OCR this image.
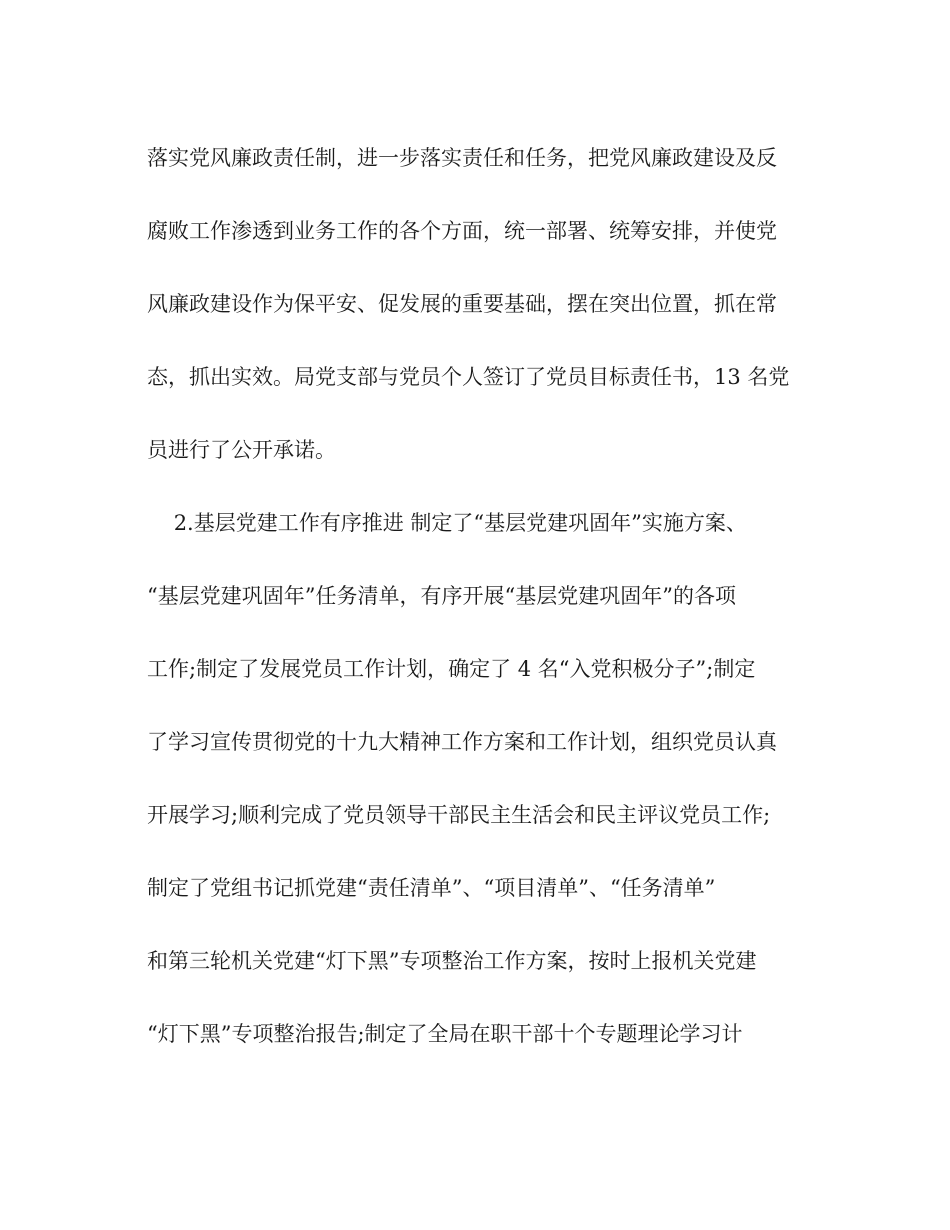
落实党风廉政责任制，进一步落实责任和任务，把党风廉政建设及反
腐败工作渗透到业务工作的各个方面，统一部署、统筹安排，并使党
风廉政建设作为保平安、促发展的重要基础，摆在突出位置，抓在常
态，抓出实效。局党支部与党员个人签订了党员目标责任书，13 名党
员进行了公开承诺。
2.基层党建工作有序推进 制定了“基层党建巩固年”实施方案、
“基层党建巩固年”任务清单，有序开展“基层党建巩固年”的各项
工作;制定了发展党员工作计划，确定了 4 名“入党积极分子”;制定
了学习宣传贯彻党的十九大精神工作方案和工作计划，组织党员认真
开展学习;顺利完成了党员领导干部民主生活会和民主评议党员工作;
制定了党组书记抓党建“责任清单”、“项目清单”、“任务清单”
和第三轮机关党建“灯下黑”专项整治工作方案，按时上报机关党建
“灯下黑”专项整治报告;制定了全局在职干部十个专题理论学习计
